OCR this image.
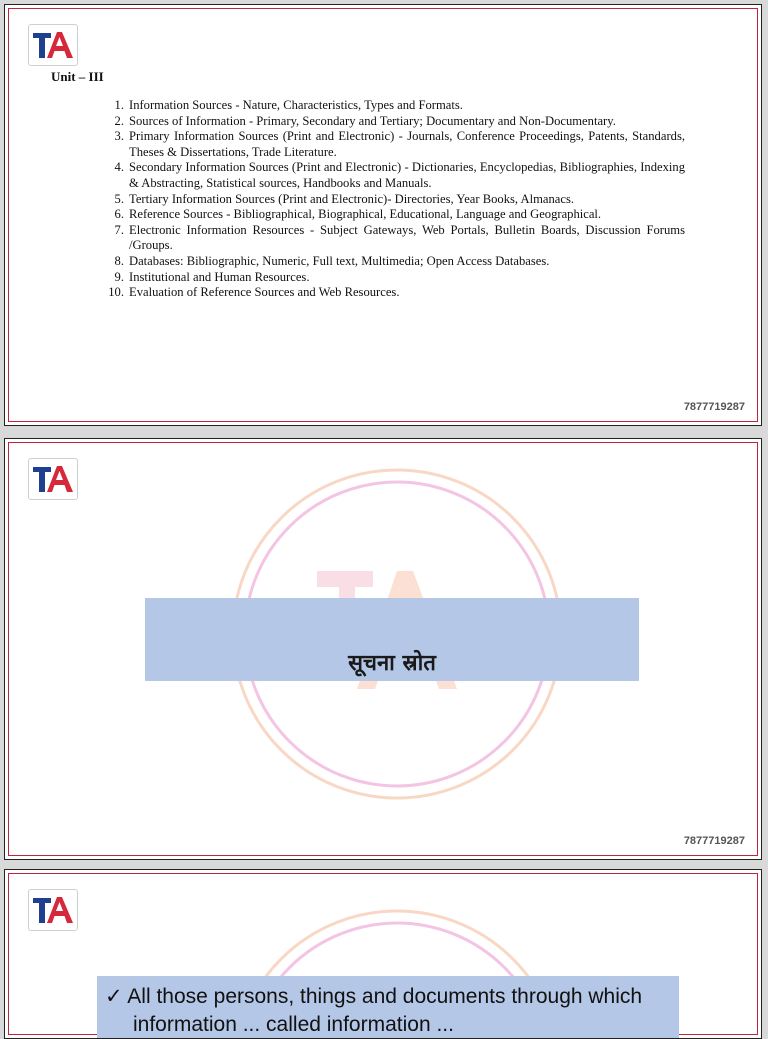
Unit – III
1. Information Sources - Nature, Characteristics, Types and Formats.
2. Sources of Information - Primary, Secondary and Tertiary; Documentary and Non-Documentary.
3. Primary Information Sources (Print and Electronic) - Journals, Conference Proceedings, Patents, Standards, Theses & Dissertations, Trade Literature.
4. Secondary Information Sources (Print and Electronic) - Dictionaries, Encyclopedias, Bibliographies, Indexing & Abstracting, Statistical sources, Handbooks and Manuals.
5. Tertiary Information Sources (Print and Electronic)- Directories, Year Books, Almanacs.
6. Reference Sources - Bibliographical, Biographical, Educational, Language and Geographical.
7. Electronic Information Resources - Subject Gateways, Web Portals, Bulletin Boards, Discussion Forums /Groups.
8. Databases: Bibliographic, Numeric, Full text, Multimedia; Open Access Databases.
9. Institutional and Human Resources.
10. Evaluation of Reference Sources and Web Resources.
7877719287
सूचना स्रोत
7877719287
✓ All those persons, things and documents through which
information ... called information ...
